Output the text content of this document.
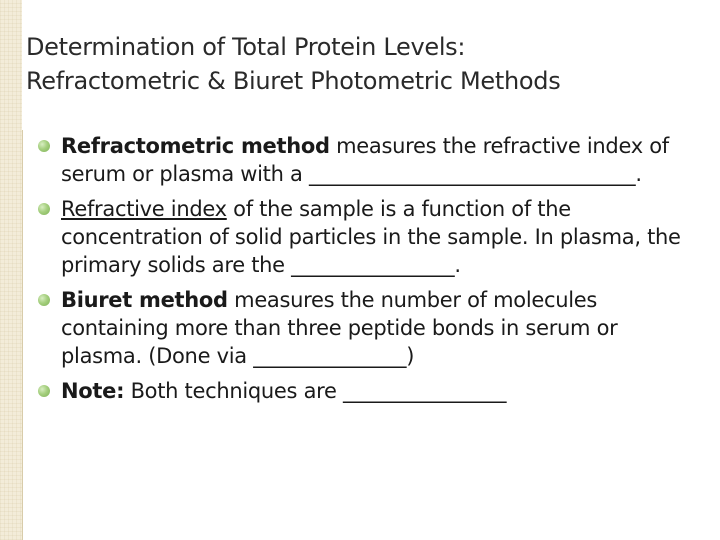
Determination of Total Protein Levels:
Refractometric & Biuret Photometric Methods
Refractometric method measures the refractive index of serum or plasma with a ________________________________.
Refractive index of the sample is a function of the concentration of solid particles in the sample. In plasma, the primary solids are the ________________.
Biuret method measures the number of molecules containing more than three peptide bonds in serum or plasma. (Done via _______________)
Note: Both techniques are ________________
